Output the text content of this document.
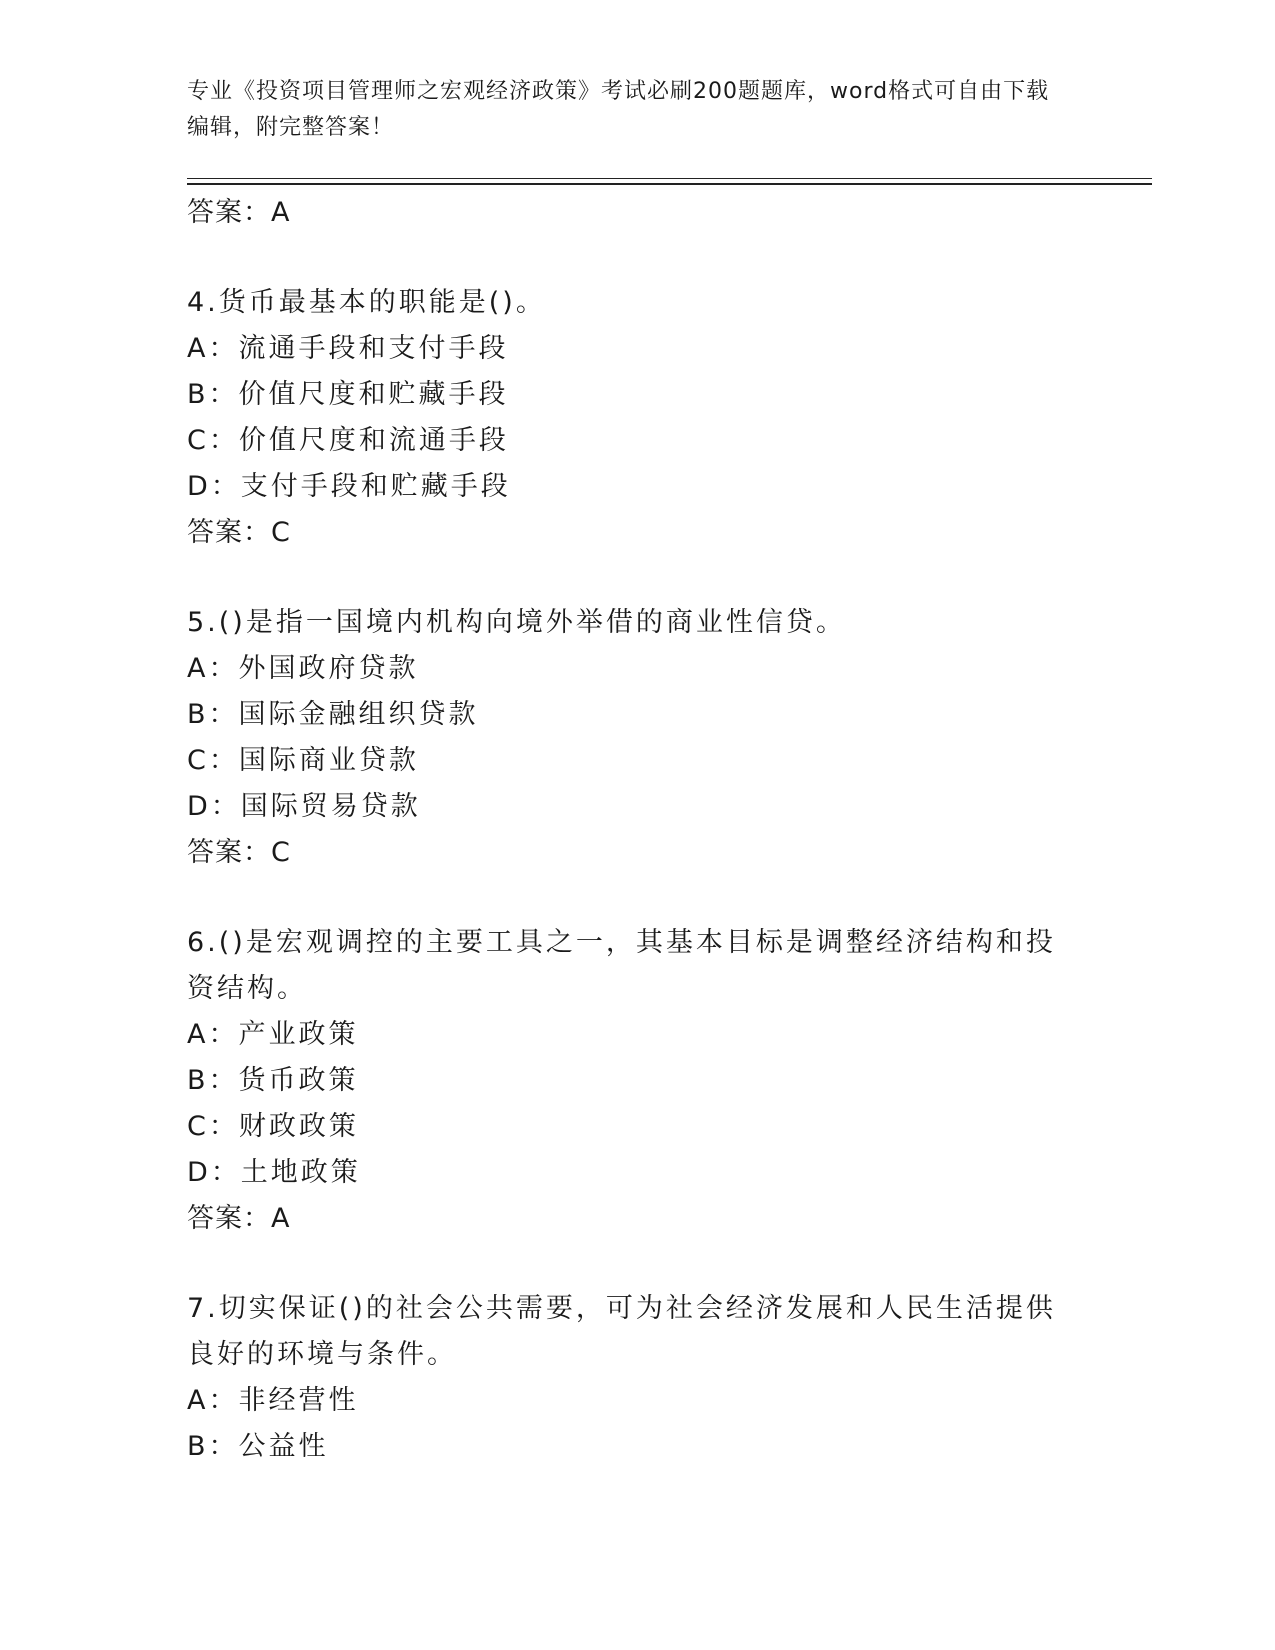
专业《投资项目管理师之宏观经济政策》考试必刷200题题库，word格式可自由下载编辑，附完整答案！
答案：A
4.货币最基本的职能是()。
A：流通手段和支付手段
B：价值尺度和贮藏手段
C：价值尺度和流通手段
D：支付手段和贮藏手段
答案：C
5.()是指一国境内机构向境外举借的商业性信贷。
A：外国政府贷款
B：国际金融组织贷款
C：国际商业贷款
D：国际贸易贷款
答案：C
6.()是宏观调控的主要工具之一，其基本目标是调整经济结构和投资结构。
A：产业政策
B：货币政策
C：财政政策
D：土地政策
答案：A
7.切实保证()的社会公共需要，可为社会经济发展和人民生活提供良好的环境与条件。
A：非经营性
B：公益性
